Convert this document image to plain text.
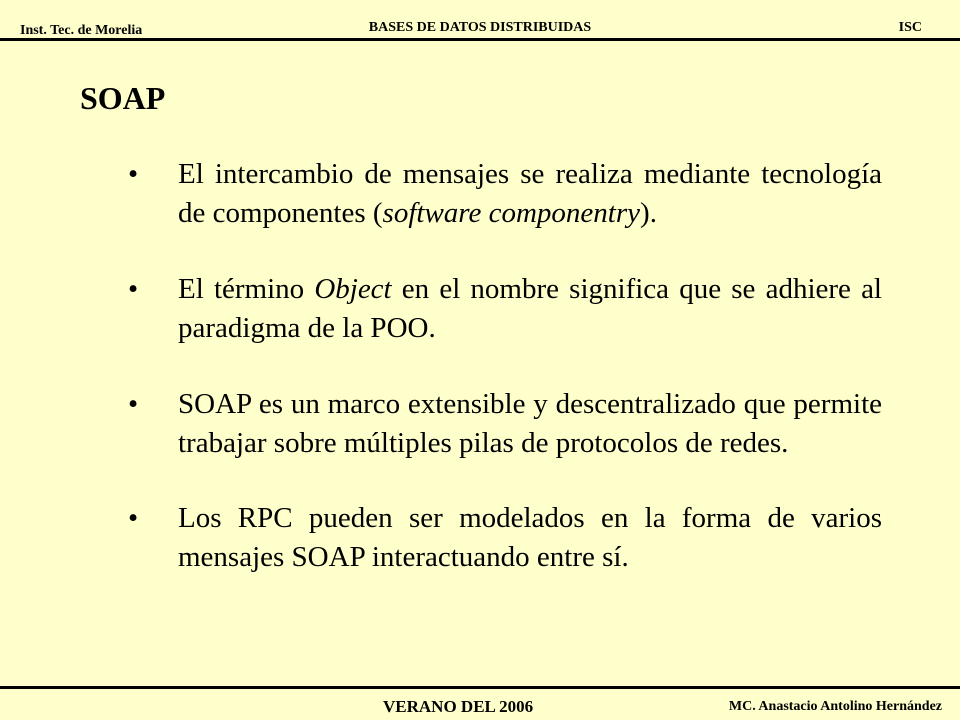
Inst. Tec. de Morelia	BASES DE DATOS DISTRIBUIDAS	ISC
SOAP
•	El intercambio de mensajes se realiza mediante tecnología de componentes (software componentry).
•	El término Object en el nombre significa que se adhiere al paradigma de la POO.
•	SOAP es un marco extensible y descentralizado que permite trabajar sobre múltiples pilas de protocolos de redes.
•	Los RPC pueden ser modelados en la forma de varios mensajes SOAP interactuando entre sí.
VERANO DEL 2006	MC. Anastacio Antolino Hernández
